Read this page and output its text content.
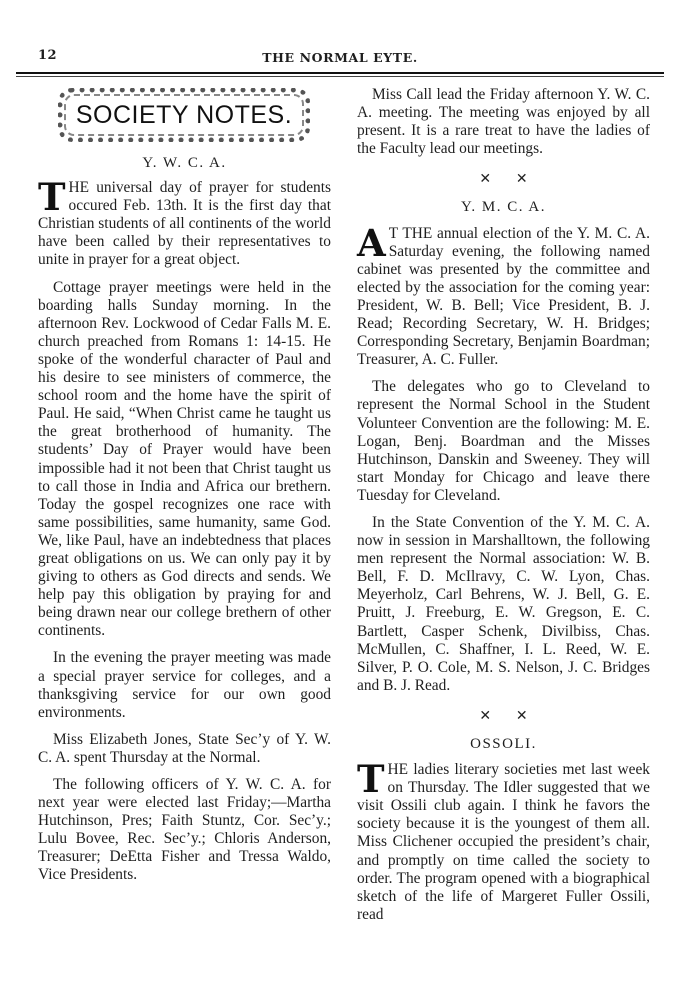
12	THE NORMAL EYTE.
SOCIETY NOTES.
Y. W. C. A.

THE universal day of prayer for students occured Feb. 13th. It is the first day that Christian students of all continents of the world have been called by their representatives to unite in prayer for a great object.

Cottage prayer meetings were held in the boarding halls Sunday morning. In the afternoon Rev. Lockwood of Cedar Falls M. E. church preached from Romans 1: 14-15. He spoke of the wonderful character of Paul and his desire to see ministers of commerce, the school room and the home have the spirit of Paul. He said, “When Christ came he taught us the great brotherhood of humanity. The students’ Day of Prayer would have been impossible had it not been that Christ taught us to call those in India and Africa our brethern. Today the gospel recognizes one race with same possibilities, same humanity, same God. We, like Paul, have an indebtedness that places great obligations on us. We can only pay it by giving to others as God directs and sends. We help pay this obligation by praying for and being drawn near our college brethern of other continents.

In the evening the prayer meeting was made a special prayer service for colleges, and a thanksgiving service for our own good environments.

Miss Elizabeth Jones, State Sec’y of Y. W. C. A. spent Thursday at the Normal.

The following officers of Y. W. C. A. for next year were elected last Friday;—Martha Hutchinson, Pres; Faith Stuntz, Cor. Sec’y.; Lulu Bovee, Rec. Sec’y.; Chloris Anderson, Treasurer; DeEtta Fisher and Tressa Waldo, Vice Presidents.

Miss Call lead the Friday afternoon Y. W. C. A. meeting. The meeting was enjoyed by all present. It is a rare treat to have the ladies of the Faculty lead our meetings.

✕ ✕
Y. M. C. A.

A T THE annual election of the Y. M. C. A. Saturday evening, the following named cabinet was presented by the committee and elected by the association for the coming year: President, W. B. Bell; Vice President, B. J. Read; Recording Secretary, W. H. Bridges; Corresponding Secretary, Benjamin Boardman; Treasurer, A. C. Fuller.

The delegates who go to Cleveland to represent the Normal School in the Student Volunteer Convention are the following: M. E. Logan, Benj. Boardman and the Misses Hutchinson, Danskin and Sweeney. They will start Monday for Chicago and leave there Tuesday for Cleveland.

In the State Convention of the Y. M. C. A. now in session in Marshalltown, the following men represent the Normal association: W. B. Bell, F. D. McIlravy, C. W. Lyon, Chas. Meyerholz, Carl Behrens, W. J. Bell, G. E. Pruitt, J. Freeburg, E. W. Gregson, E. C. Bartlett, Casper Schenk, Divilbiss, Chas. McMullen, C. Shaffner, I. L. Reed, W. E. Silver, P. O. Cole, M. S. Nelson, J. C. Bridges and B. J. Read.

✕ ✕
OSSOLI.

THE ladies literary societies met last week on Thursday. The Idler suggested that we visit Ossili club again. I think he favors the society because it is the youngest of them all. Miss Clichener occupied the president’s chair, and promptly on time called the society to order. The program opened with a biographical sketch of the life of Margeret Fuller Ossili, read
